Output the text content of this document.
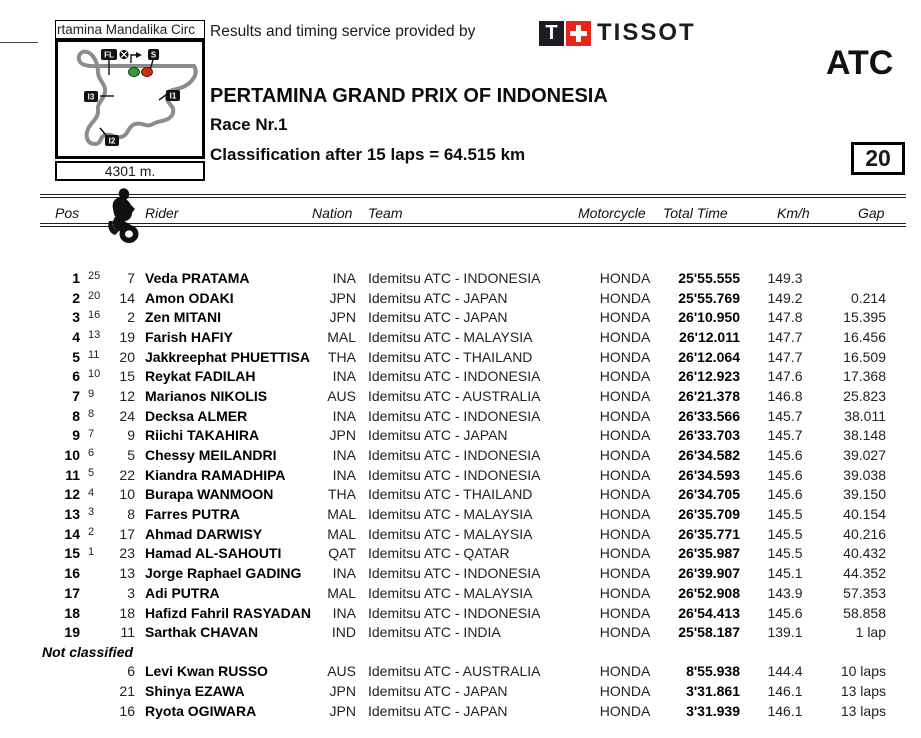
rtamina Mandalika Circ
FL	S
I1
I2
I3
4301 m.
Results and timing service provided by	T TISSOT
ATC
20
PERTAMINA GRAND PRIX OF INDONESIA
Race Nr.1
Classification after 15 laps = 64.515 km
Pos	Rider	Nation Team	Motorcycle Total Time	Km/h	Gap
1 25	7 Veda PRATAMA	INA Idemitsu ATC - INDONESIA	HONDA	25'55.555	149.3
2 20	14 Amon ODAKI	JPN Idemitsu ATC - JAPAN	HONDA	25'55.769	149.2	0.214
3 16	2 Zen MITANI	JPN Idemitsu ATC - JAPAN	HONDA	26'10.950	147.8	15.395
4 13	19 Farish HAFIY	MAL Idemitsu ATC - MALAYSIA	HONDA	26'12.011	147.7	16.456
5 11	20 Jakkreephat PHUETTISA	THA Idemitsu ATC - THAILAND	HONDA	26'12.064	147.7	16.509
6 10	15 Reykat FADILAH	INA Idemitsu ATC - INDONESIA	HONDA	26'12.923	147.6	17.368
7 9	12 Marianos NIKOLIS	AUS Idemitsu ATC - AUSTRALIA	HONDA	26'21.378	146.8	25.823
8 8	24 Decksa ALMER	INA Idemitsu ATC - INDONESIA	HONDA	26'33.566	145.7	38.011
9 7	9 Riichi TAKAHIRA	JPN Idemitsu ATC - JAPAN	HONDA	26'33.703	145.7	38.148
10 6	5 Chessy MEILANDRI	INA Idemitsu ATC - INDONESIA	HONDA	26'34.582	145.6	39.027
11 5	22 Kiandra RAMADHIPA	INA Idemitsu ATC - INDONESIA	HONDA	26'34.593	145.6	39.038
12 4	10 Burapa WANMOON	THA Idemitsu ATC - THAILAND	HONDA	26'34.705	145.6	39.150
13 3	8 Farres PUTRA	MAL Idemitsu ATC - MALAYSIA	HONDA	26'35.709	145.5	40.154
14 2	17 Ahmad DARWISY	MAL Idemitsu ATC - MALAYSIA	HONDA	26'35.771	145.5	40.216
15 1	23 Hamad AL-SAHOUTI	QAT Idemitsu ATC - QATAR	HONDA	26'35.987	145.5	40.432
16	13 Jorge Raphael GADING	INA Idemitsu ATC - INDONESIA	HONDA	26'39.907	145.1	44.352
17	3 Adi PUTRA	MAL Idemitsu ATC - MALAYSIA	HONDA	26'52.908	143.9	57.353
18	18 Hafizd Fahril RASYADAN	INA Idemitsu ATC - INDONESIA	HONDA	26'54.413	145.6	58.858
19	11 Sarthak CHAVAN	IND Idemitsu ATC - INDIA	HONDA	25'58.187	139.1	1 lap
Not classified
6 Levi Kwan RUSSO	AUS Idemitsu ATC - AUSTRALIA	HONDA	8'55.938	144.4	10 laps
21 Shinya EZAWA	JPN Idemitsu ATC - JAPAN	HONDA	3'31.861	146.1	13 laps
16 Ryota OGIWARA	JPN Idemitsu ATC - JAPAN	HONDA	3'31.939	146.1	13 laps
